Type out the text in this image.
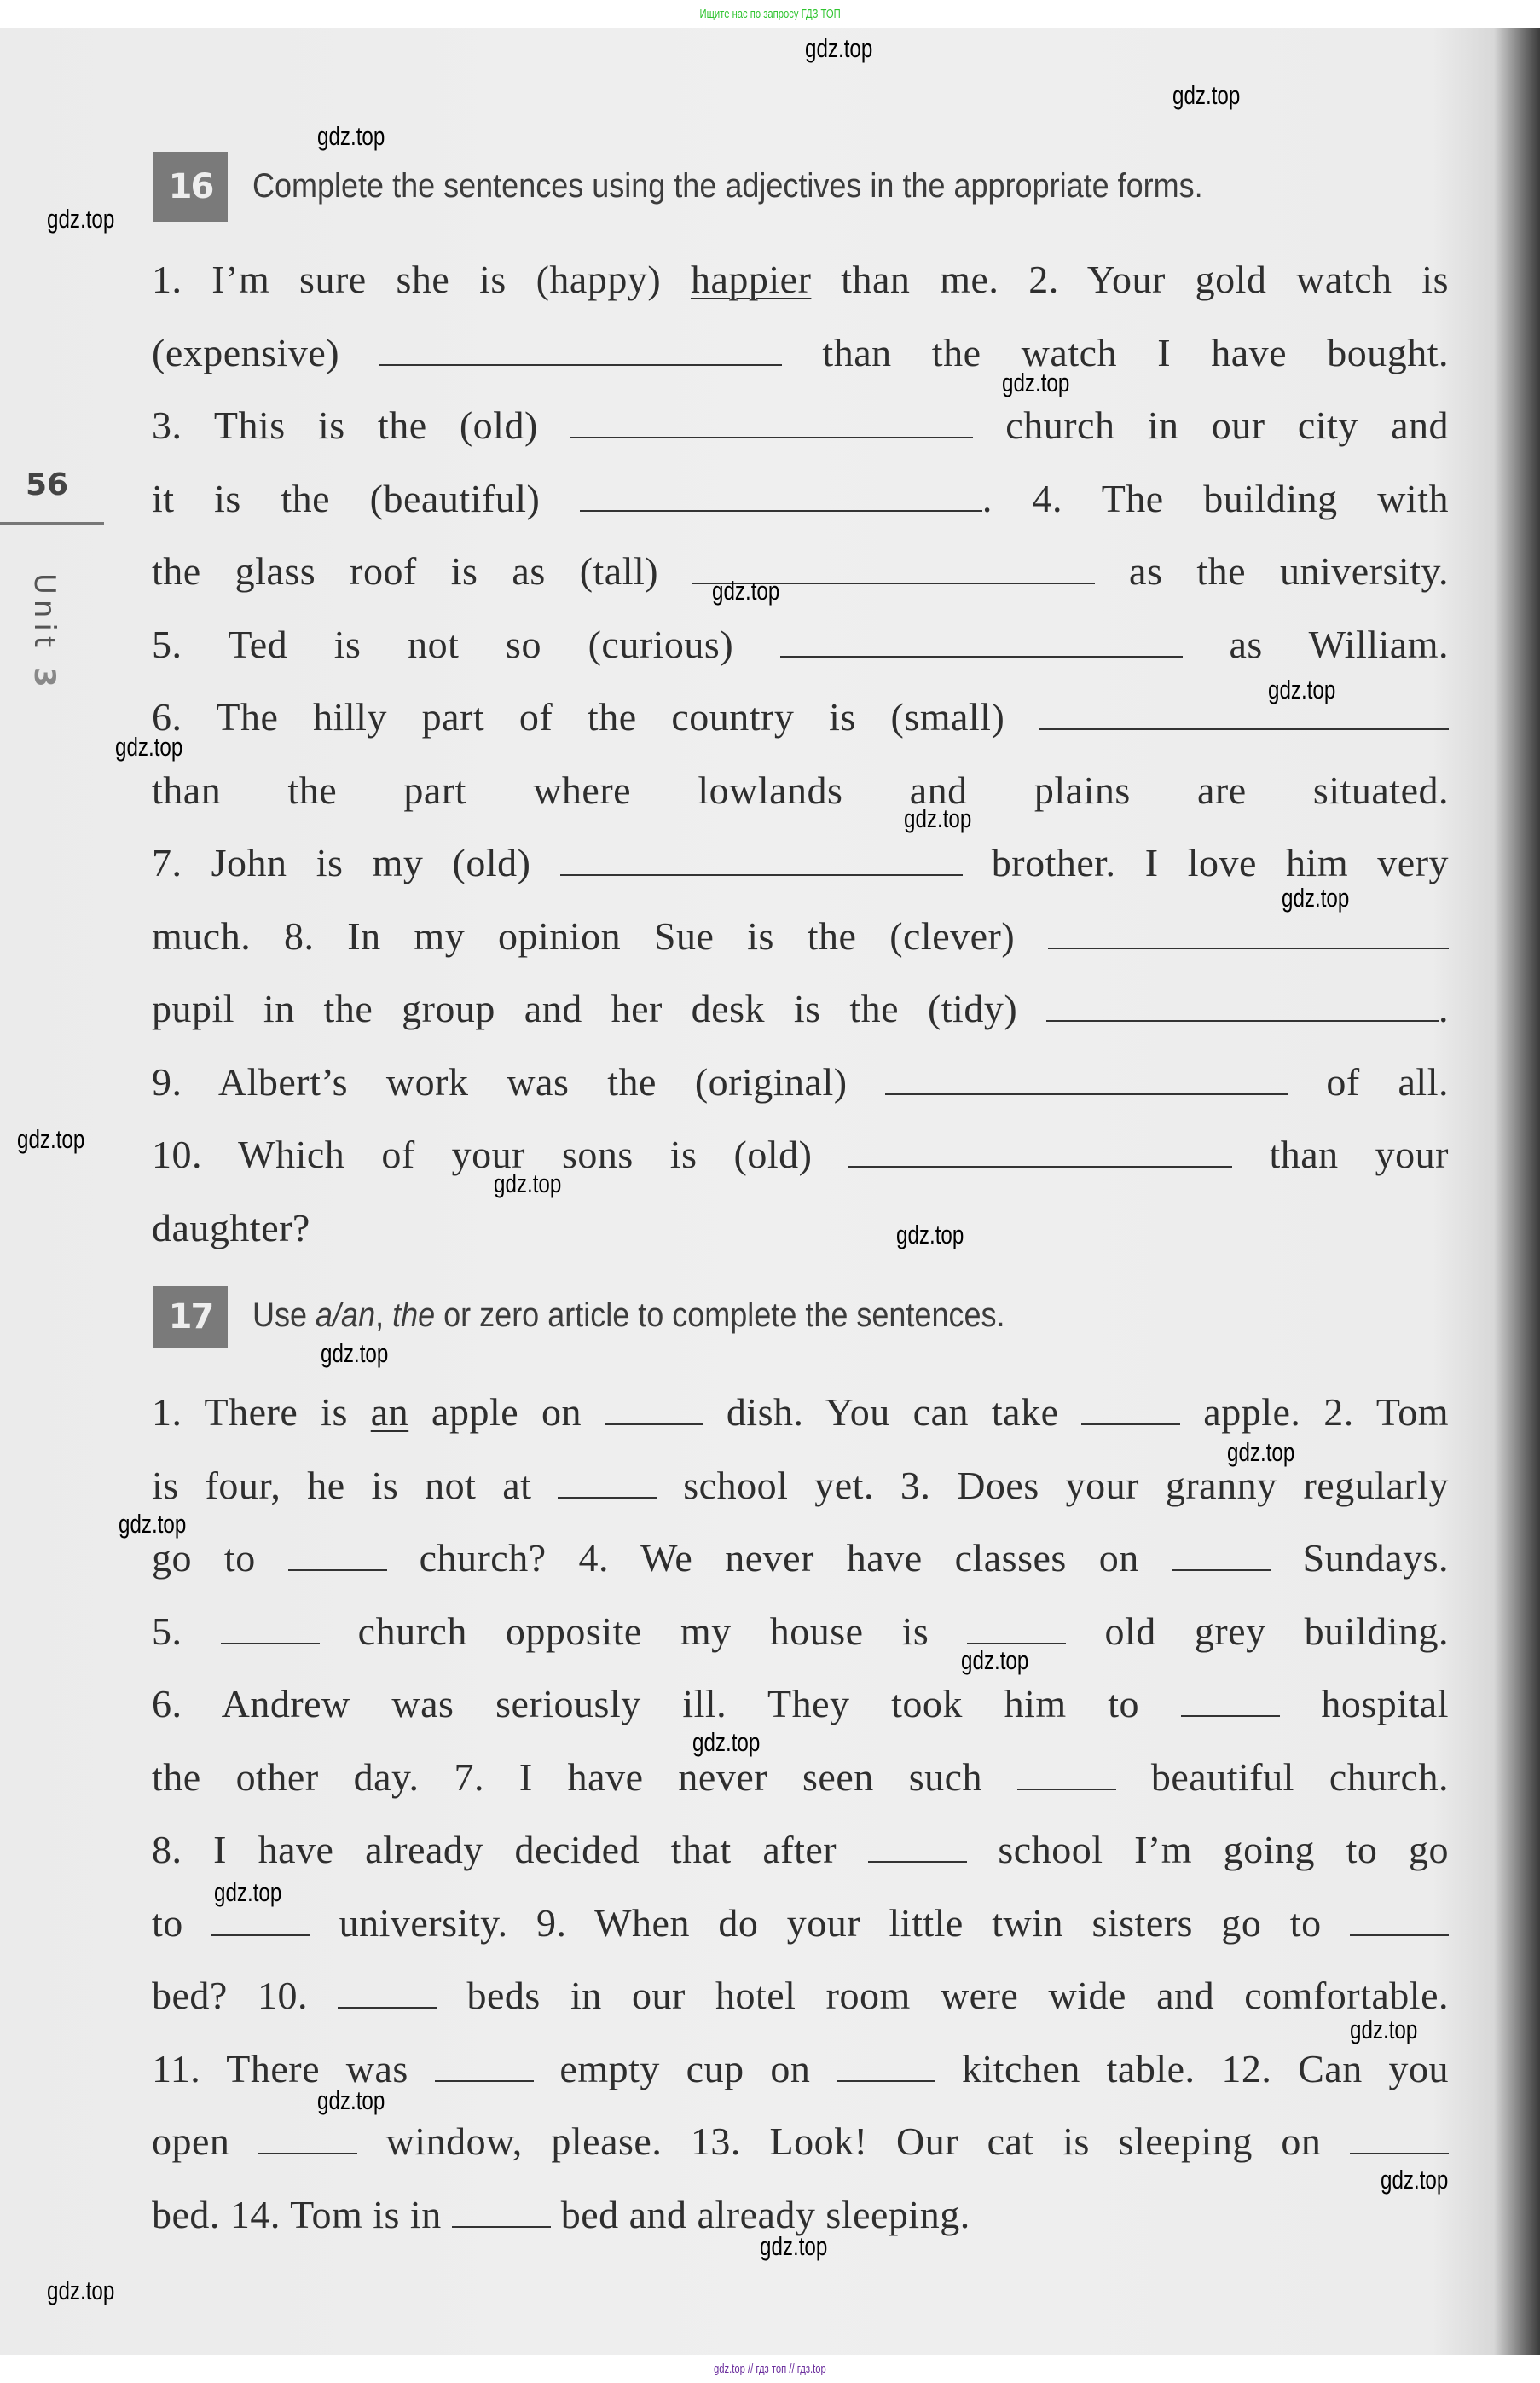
Ищите нас по запросу ГДЗ ТОП
56
Unit 3
16	Complete the sentences using the adjectives in the appropriate forms.
1. I’m sure she is (happy) happier than me. 2. Your gold watch is
(expensive)	than the watch I have bought.
3. This is the (old)	church in our city and
it is the (beautiful)	. 4. The building with
the glass roof is as (tall)	as the university.
5. Ted is not so (curious)	as William.
6. The hilly part of the country is (small)
than the part where lowlands and plains are situated.
7. John is my (old)	brother. I love him very
much. 8. In my opinion Sue is the (clever)
pupil in the group and her desk is the (tidy)	.
9. Albert’s work was the (original)	of all.
10. Which of your sons is (old)	than your
daughter?
17	Use a/an, the or zero article to complete the sentences.
1. There is an apple on	dish. You can take	apple. 2. Tom
is four, he is not at	school yet. 3. Does your granny regularly
go to	church? 4. We never have classes on	Sundays.
5.	church opposite my house is	old grey building.
6. Andrew was seriously ill. They took him to	hospital
the other day. 7. I have never seen such	beautiful church.
8. I have already decided that after	school I’m going to go
to	university. 9. When do your little twin sisters go to
bed? 10.	beds in our hotel room were wide and comfortable.
11. There was	empty cup on	kitchen table. 12. Can you
open	window, please. 13. Look! Our cat is sleeping on
bed. 14. Tom is in	bed and already sleeping.
gdz.top
gdz.top
gdz.top
gdz.top
gdz.top
gdz.top
gdz.top
gdz.top
gdz.top
gdz.top
gdz.top
gdz.top
gdz.top
gdz.top
gdz.top
gdz.top
gdz.top
gdz.top
gdz.top
gdz.top
gdz.top
gdz.top
gdz.top
gdz.top
gdz.top // гдз топ // гдз.top
